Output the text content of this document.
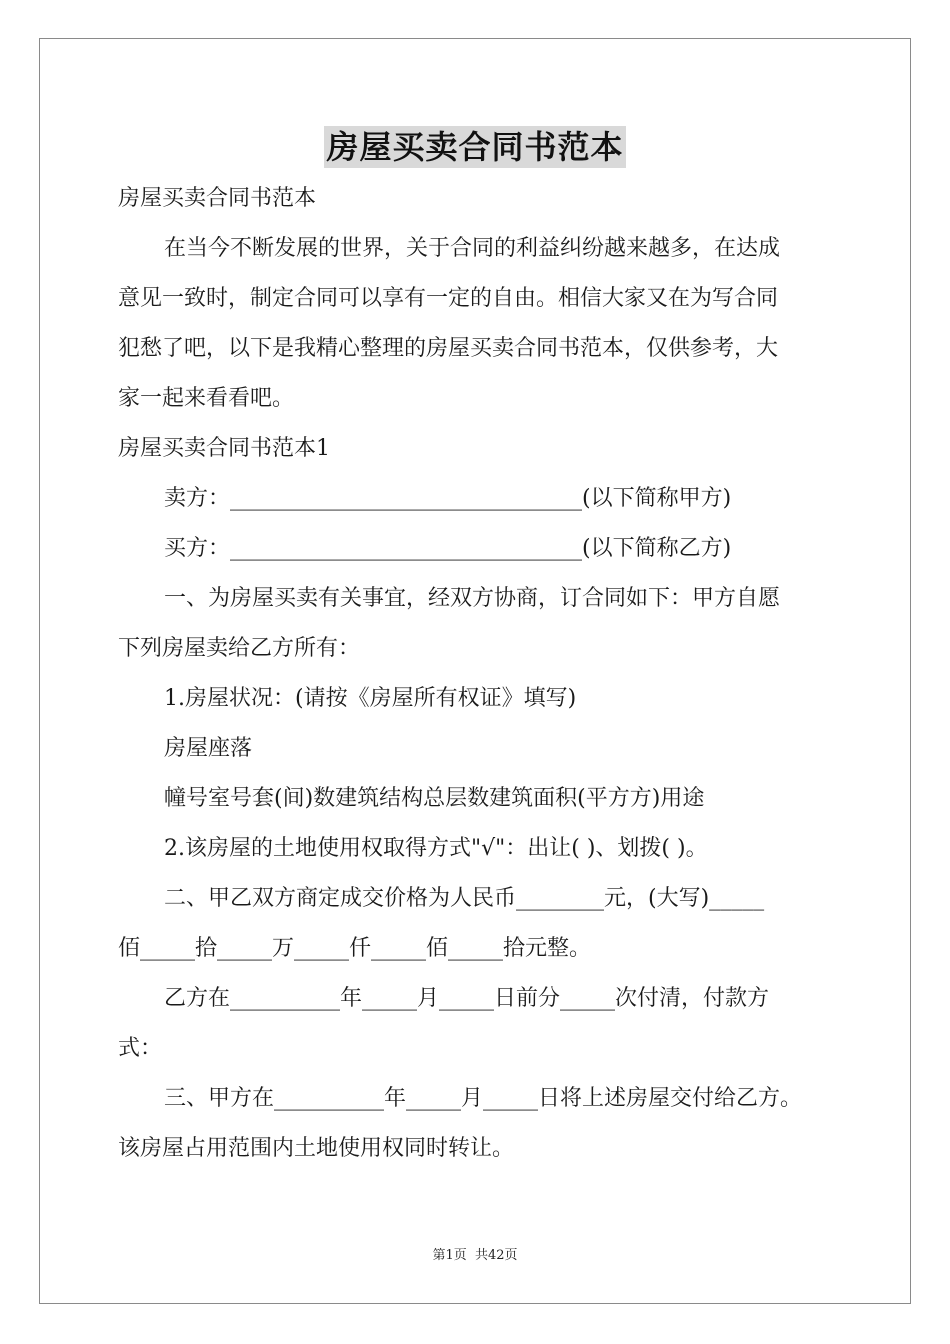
房屋买卖合同书范本
房屋买卖合同书范本
在当今不断发展的世界，关于合同的利益纠纷越来越多，在达成
意见一致时，制定合同可以享有一定的自由。相信大家又在为写合同
犯愁了吧，以下是我精心整理的房屋买卖合同书范本，仅供参考，大
家一起来看看吧。
房屋买卖合同书范本1
卖方：________________________________(以下简称甲方)
买方：________________________________(以下简称乙方)
一、为房屋买卖有关事宜，经双方协商，订合同如下：甲方自愿
下列房屋卖给乙方所有：
1.房屋状况：(请按《房屋所有权证》填写)
房屋座落
幢号室号套(间)数建筑结构总层数建筑面积(平方方)用途
2.该房屋的土地使用权取得方式"√"：出让( )、划拨( )。
二、甲乙双方商定成交价格为人民币________元，(大写)_____
佰_____拾_____万_____仟_____佰_____拾元整。
乙方在__________年_____月_____日前分_____次付清，付款方
式：
三、甲方在__________年_____月_____日将上述房屋交付给乙方。
该房屋占用范围内土地使用权同时转让。
第1页 共42页
